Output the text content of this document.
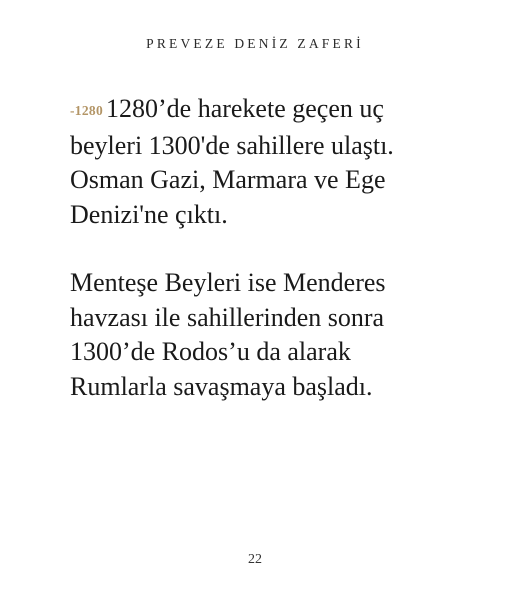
PREVEZE DENİZ ZAFERİ

-1280 1280’de harekete geçen uç
beyleri 1300'de sahillere ulaştı.
Osman Gazi, Marmara ve Ege
Denizi'ne çıktı.

Menteşe Beyleri ise Menderes
havzası ile sahillerinden sonra
1300’de Rodos’u da alarak
Rumlarla savaşmaya başladı.

22
